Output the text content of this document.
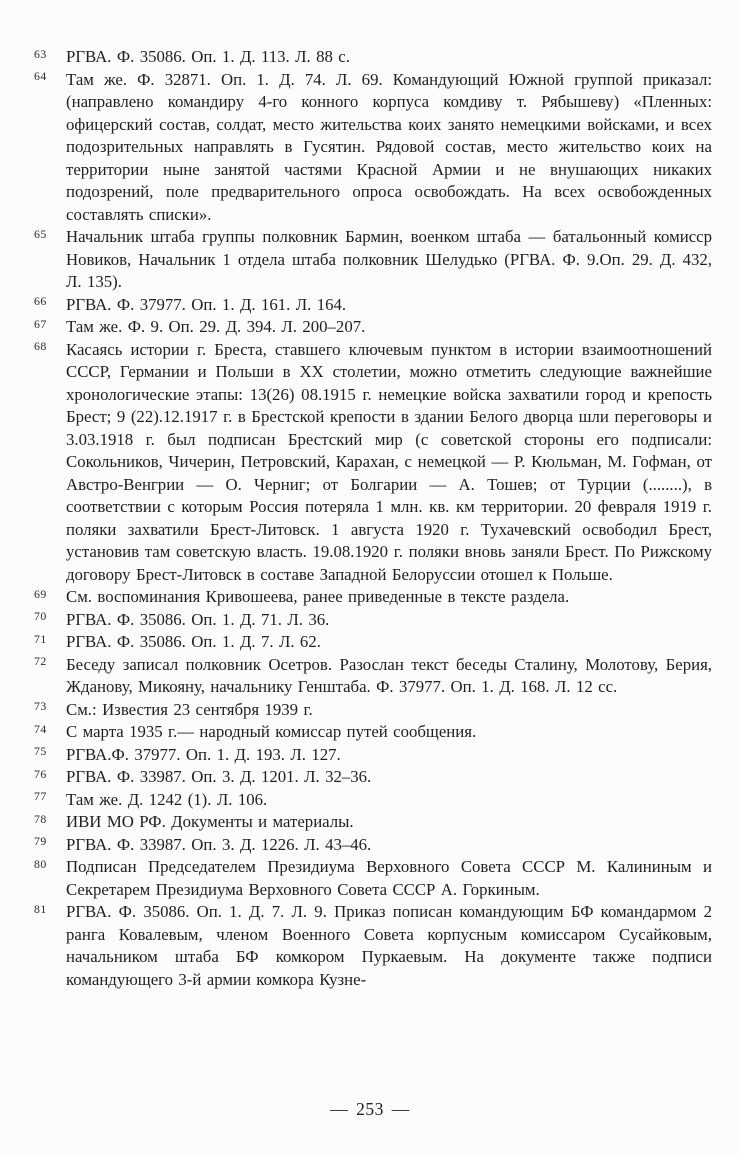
63	РГВА. Ф. 35086. Оп. 1. Д. 113. Л. 88 с.
64	Там же. Ф. 32871. Оп. 1. Д. 74. Л. 69. Командующий Южной группой приказал: (направлено командиру 4-го конного корпуса комдиву т. Рябышеву) «Пленных: офицерский состав, солдат, место жительства коих занято немецкими войсками, и всех подозрительных направлять в Гусятин. Рядовой состав, место жительство коих на территории ныне занятой частями Красной Армии и не внушающих никаких подозрений, поле предварительного опроса освобождать. На всех освобожденных составлять списки».
65	Начальник штаба группы полковник Бармин, военком штаба — батальонный комисср Новиков, Начальник 1 отдела штаба полковник Шелудько (РГВА. Ф. 9.Оп. 29. Д. 432, Л. 135).
66	РГВА. Ф. 37977. Оп. 1. Д. 161. Л. 164.
67	Там же. Ф. 9. Оп. 29. Д. 394. Л. 200–207.
68	Касаясь истории г. Бреста, ставшего ключевым пунктом в истории взаимоотношений СССР, Германии и Польши в XX столетии, можно отметить следующие важнейшие хронологические этапы: 13(26) 08.1915 г. немецкие войска захватили город и крепость Брест; 9 (22).12.1917 г. в Брестской крепости в здании Белого дворца шли переговоры и 3.03.1918 г. был подписан Брестский мир (с советской стороны его подписали: Сокольников, Чичерин, Петровский, Карахан, с немецкой — Р. Кюльман, М. Гофман, от Австро-Венгрии — О. Черниг; от Болгарии — А. Тошев; от Турции (........), в соответствии с которым Россия потеряла 1 млн. кв. км территории. 20 февраля 1919 г. поляки захватили Брест-Литовск. 1 августа 1920 г. Тухачевский освободил Брест, установив там советскую власть. 19.08.1920 г. поляки вновь заняли Брест. По Рижскому договору Брест-Литовск в составе Западной Белоруссии отошел к Польше.
69	См. воспоминания Кривошеева, ранее приведенные в тексте раздела.
70	РГВА. Ф. 35086. Оп. 1. Д. 71. Л. 36.
71	РГВА. Ф. 35086. Оп. 1. Д. 7. Л. 62.
72	Беседу записал полковник Осетров. Разослан текст беседы Сталину, Молотову, Берия, Жданову, Микояну, начальнику Генштаба. Ф. 37977. Оп. 1. Д. 168. Л. 12 сс.
73	См.: Известия 23 сентября 1939 г.
74	С марта 1935 г.— народный комиссар путей сообщения.
75	РГВА.Ф. 37977. Оп. 1. Д. 193. Л. 127.
76	РГВА. Ф. 33987. Оп. 3. Д. 1201. Л. 32–36.
77	Там же. Д. 1242 (1). Л. 106.
78	ИВИ МО РФ. Документы и материалы.
79	РГВА. Ф. 33987. Оп. 3. Д. 1226. Л. 43–46.
80	Подписан Председателем Президиума Верховного Совета СССР М. Калининым и Секретарем Президиума Верховного Совета СССР А. Горкиным.
81	РГВА. Ф. 35086. Оп. 1. Д. 7. Л. 9. Приказ пописан командующим БФ командармом 2 ранга Ковалевым, членом Военного Совета корпусным комиссаром Сусайковым, начальником штаба БФ комкором Пуркаевым. На документе также подписи командующего 3-й армии комкора Кузне-
— 253 —
